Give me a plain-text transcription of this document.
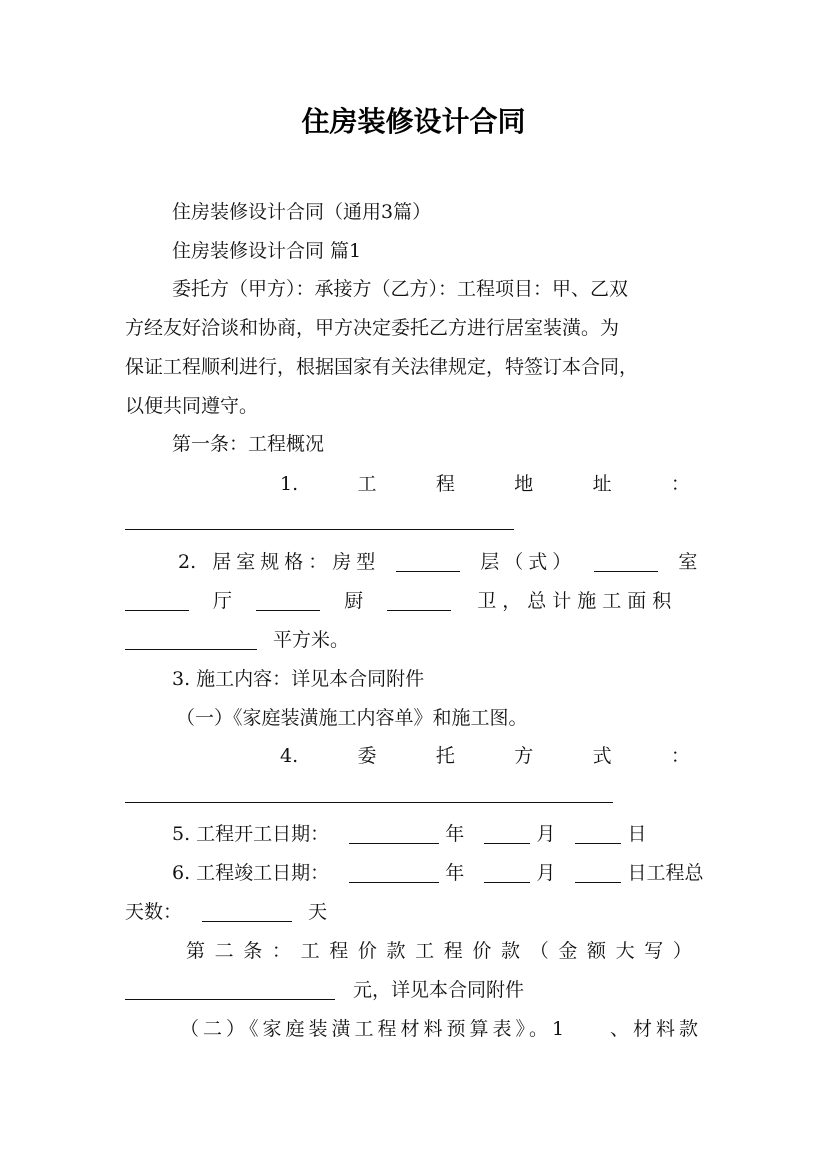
住房装修设计合同
住房装修设计合同（通用3篇）
住房装修设计合同 篇1
委托方（甲方）：承接方（乙方）：工程项目：甲、乙双
方经友好洽谈和协商，甲方决定委托乙方进行居室装潢。为
保证工程顺利进行，根据国家有关法律规定，特签订本合同，
以便共同遵守。
第一条：工程概况
1.	工	程	地	址	：
2. 居室规格：房型	层（式）	室
厅	厨	卫，总计施工面积
平方米。
3. 施工内容：详见本合同附件
（一）《家庭装潢施工内容单》和施工图。
4.	委	托	方	式	：
5. 工程开工日期：	年	月	日
6. 工程竣工日期：	年	月	日工程总
天数：	天
第 二 条 ： 工 程 价 款 工 程 价 款 （ 金 额 大 写 ）
元，详见本合同附件
（二）《家庭装潢工程材料预算表》。1 、材料款
